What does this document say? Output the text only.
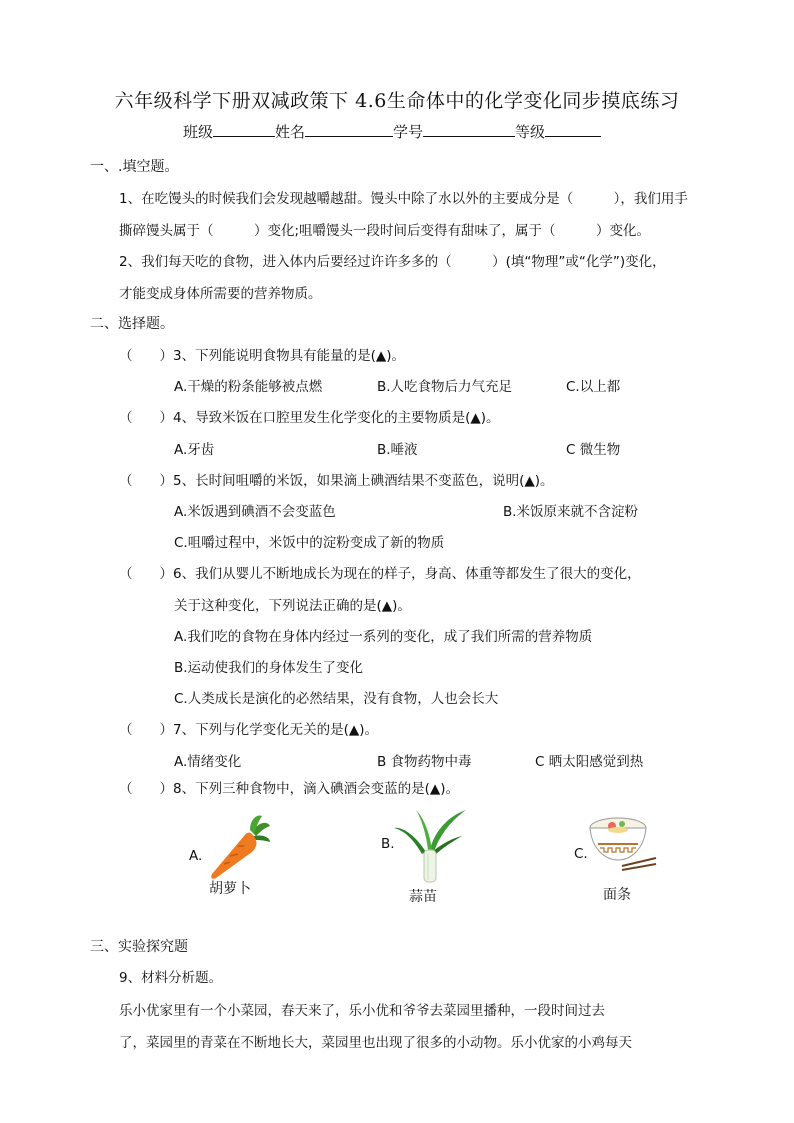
六年级科学下册双减政策下 4.6生命体中的化学变化同步摸底练习
班级	姓名	学号	等级
一、.填空题。
1、在吃馒头的时候我们会发现越嚼越甜。馒头中除了水以外的主要成分是（　　　），我们用手
撕碎馒头属于（　　　）变化;咀嚼馒头一段时间后变得有甜味了，属于（　　　）变化。
2、我们每天吃的食物，进入体内后要经过许许多多的（　　　）(填“物理”或“化学”)变化，
才能变成身体所需要的营养物质。
二、选择题。
（　　）3、下列能说明食物具有能量的是(▲)。
A.干燥的粉条能够被点燃	B.人吃食物后力气充足	C.以上都
（　　）4、导致米饭在口腔里发生化学变化的主要物质是(▲)。
A.牙齿	B.唾液	C 微生物
（　　）5、长时间咀嚼的米饭，如果滴上碘酒结果不变蓝色，说明(▲)。
A.米饭遇到碘酒不会变蓝色	B.米饭原来就不含淀粉
C.咀嚼过程中，米饭中的淀粉变成了新的物质
（　　）6、我们从婴儿不断地成长为现在的样子，身高、体重等都发生了很大的变化，
关于这种变化，下列说法正确的是(▲)。
A.我们吃的食物在身体内经过一系列的变化，成了我们所需的营养物质
B.运动使我们的身体发生了变化
C.人类成长是演化的必然结果，没有食物，人也会长大
（　　）7、下列与化学变化无关的是(▲)。
A.情绪变化	B 食物药物中毒	C 晒太阳感觉到热
（　　）8、下列三种食物中，滴入碘酒会变蓝的是(▲)。
A.
胡萝卜
B.
蒜苗
C.
面条
三、实验探究题
9、材料分析题。
乐小优家里有一个小菜园，春天来了，乐小优和爷爷去菜园里播种，一段时间过去
了，菜园里的青菜在不断地长大，菜园里也出现了很多的小动物。乐小优家的小鸡每天
